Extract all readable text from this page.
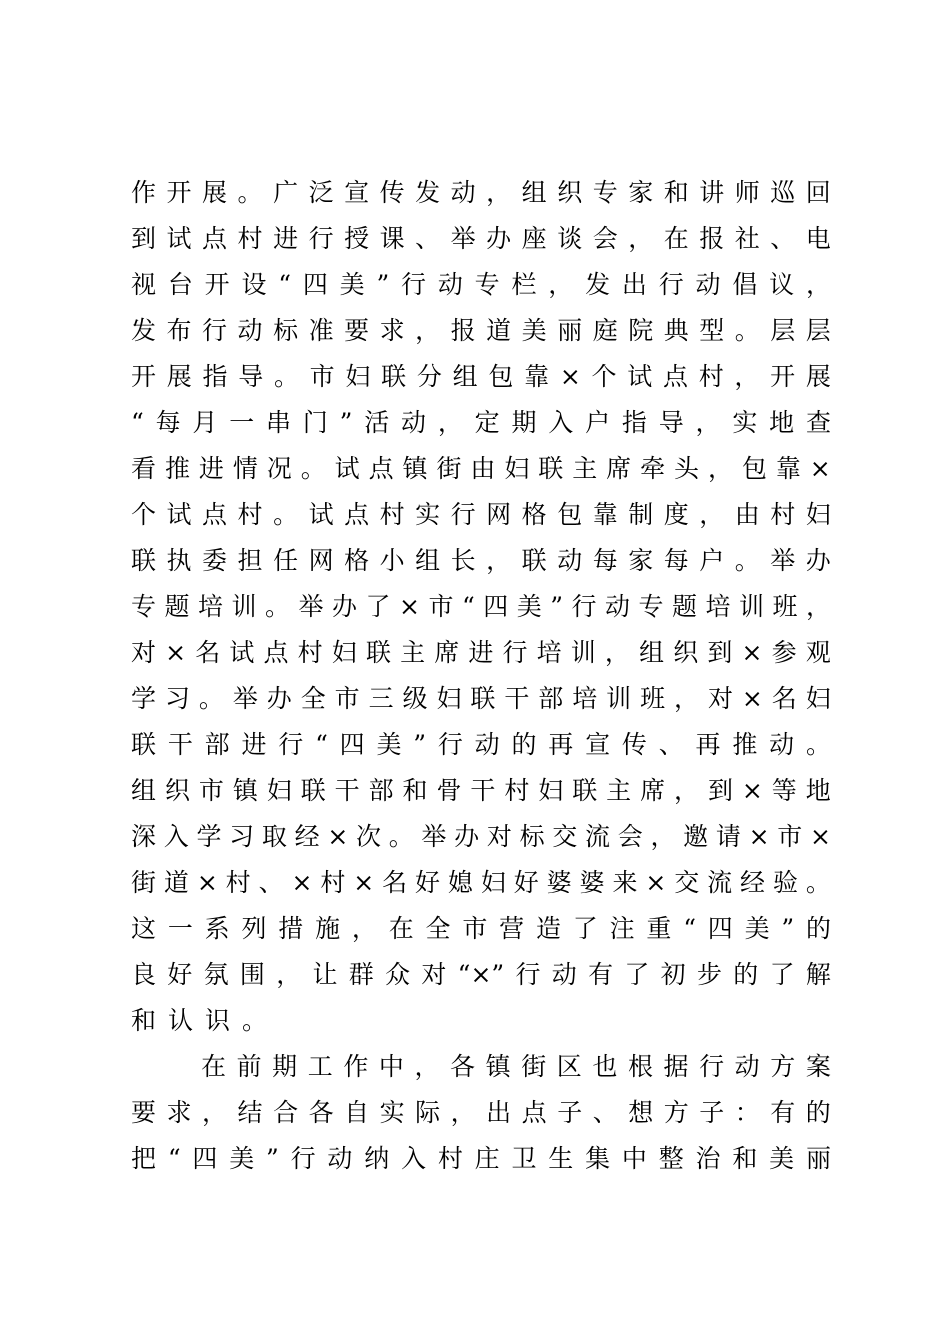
作开展。广泛宣传发动，组织专家和讲师巡回
到试点村进行授课、举办座谈会，在报社、电
视台开设“四美”行动专栏，发出行动倡议，
发布行动标准要求，报道美丽庭院典型。层层
开展指导。市妇联分组包靠×个试点村，开展
“每月一串门”活动，定期入户指导，实地查
看推进情况。试点镇街由妇联主席牵头，包靠×
个试点村。试点村实行网格包靠制度，由村妇
联执委担任网格小组长，联动每家每户。举办
专题培训。举办了×市“四美”行动专题培训班，
对×名试点村妇联主席进行培训，组织到×参观
学习。举办全市三级妇联干部培训班，对×名妇
联干部进行“四美”行动的再宣传、再推动。
组织市镇妇联干部和骨干村妇联主席，到×等地
深入学习取经×次。举办对标交流会，邀请×市×
街道×村、×村×名好媳妇好婆婆来×交流经验。
这一系列措施，在全市营造了注重“四美”的
良好氛围，让群众对“×”行动有了初步的了解
和认识。
在前期工作中，各镇街区也根据行动方案
要求，结合各自实际，出点子、想方子：有的
把“四美”行动纳入村庄卫生集中整治和美丽
